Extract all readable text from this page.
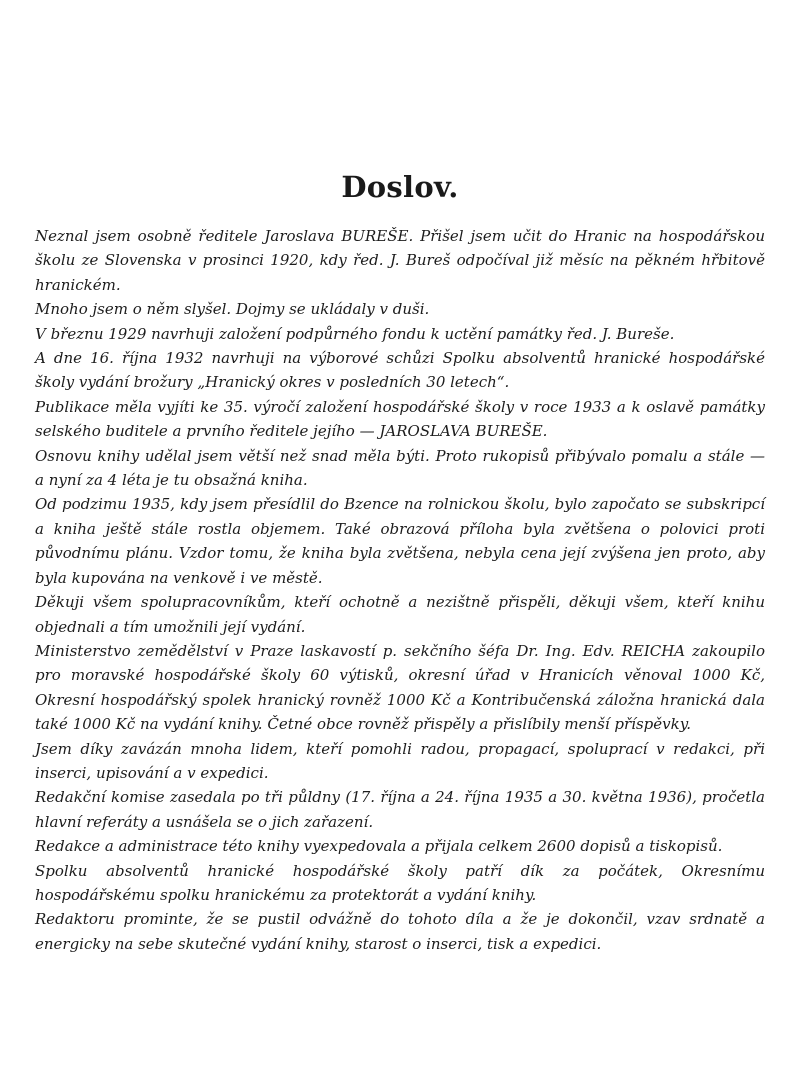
Doslov.

Neznal jsem osobně ředitele Jaroslava BUREŠE. Přišel jsem učit do Hranic na hospodářskou školu ze Slovenska v prosinci 1920, kdy řed. J. Bureš odpočíval již měsíc na pěkném hřbitově hranickém.

Mnoho jsem o něm slyšel. Dojmy se ukládaly v duši.

V březnu 1929 navrhuji založení podpůrného fondu k uctění památky řed. J. Bureše.

A dne 16. října 1932 navrhuji na výborové schůzi Spolku absolventů hranické hospodářské školy vydání brožury „Hranický okres v posledních 30 letech“.

Publikace měla vyjíti ke 35. výročí založení hospodářské školy v roce 1933 a k oslavě památky selského buditele a prvního ředitele jejího — JAROSLAVA BUREŠE.

Osnovu knihy udělal jsem větší než snad měla býti. Proto rukopisů přibývalo pomalu a stále — a nyní za 4 léta je tu obsažná kniha.

Od podzimu 1935, kdy jsem přesídlil do Bzence na rolnickou školu, bylo započato se subskripcí a kniha ještě stále rostla objemem. Také obrazová příloha byla zvětšena o polovici proti původnímu plánu. Vzdor tomu, že kniha byla zvětšena, nebyla cena její zvýšena jen proto, aby byla kupována na venkově i ve městě.

Děkuji všem spolupracovníkům, kteří ochotně a nezištně přispěli, děkuji všem, kteří knihu objednali a tím umožnili její vydání.

Ministerstvo zemědělství v Praze laskavostí p. sekčního šéfa Dr. Ing. Edv. REICHA zakoupilo pro moravské hospodářské školy 60 výtisků, okresní úřad v Hranicích věnoval 1000 Kč, Okresní hospodářský spolek hranický rovněž 1000 Kč a Kontribučenská záložna hranická dala také 1000 Kč na vydání knihy. Četné obce rovněž přispěly a přislíbily menší příspěvky.

Jsem díky zavázán mnoha lidem, kteří pomohli radou, propagací, spoluprací v redakci, při inserci, upisování a v expedici.

Redakční komise zasedala po tři půldny (17. října a 24. října 1935 a 30. května 1936), pročetla hlavní referáty a usnášela se o jich zařazení.

Redakce a administrace této knihy vyexpedovala a přijala celkem 2600 dopisů a tiskopisů.

Spolku absolventů hranické hospodářské školy patří dík za počátek, Okresnímu hospodářskému spolku hranickému za protektorát a vydání knihy.

Redaktoru prominte, že se pustil odvážně do tohoto díla a že je dokončil, vzav srdnatě a energicky na sebe skutečné vydání knihy, starost o inserci, tisk a expedici.
